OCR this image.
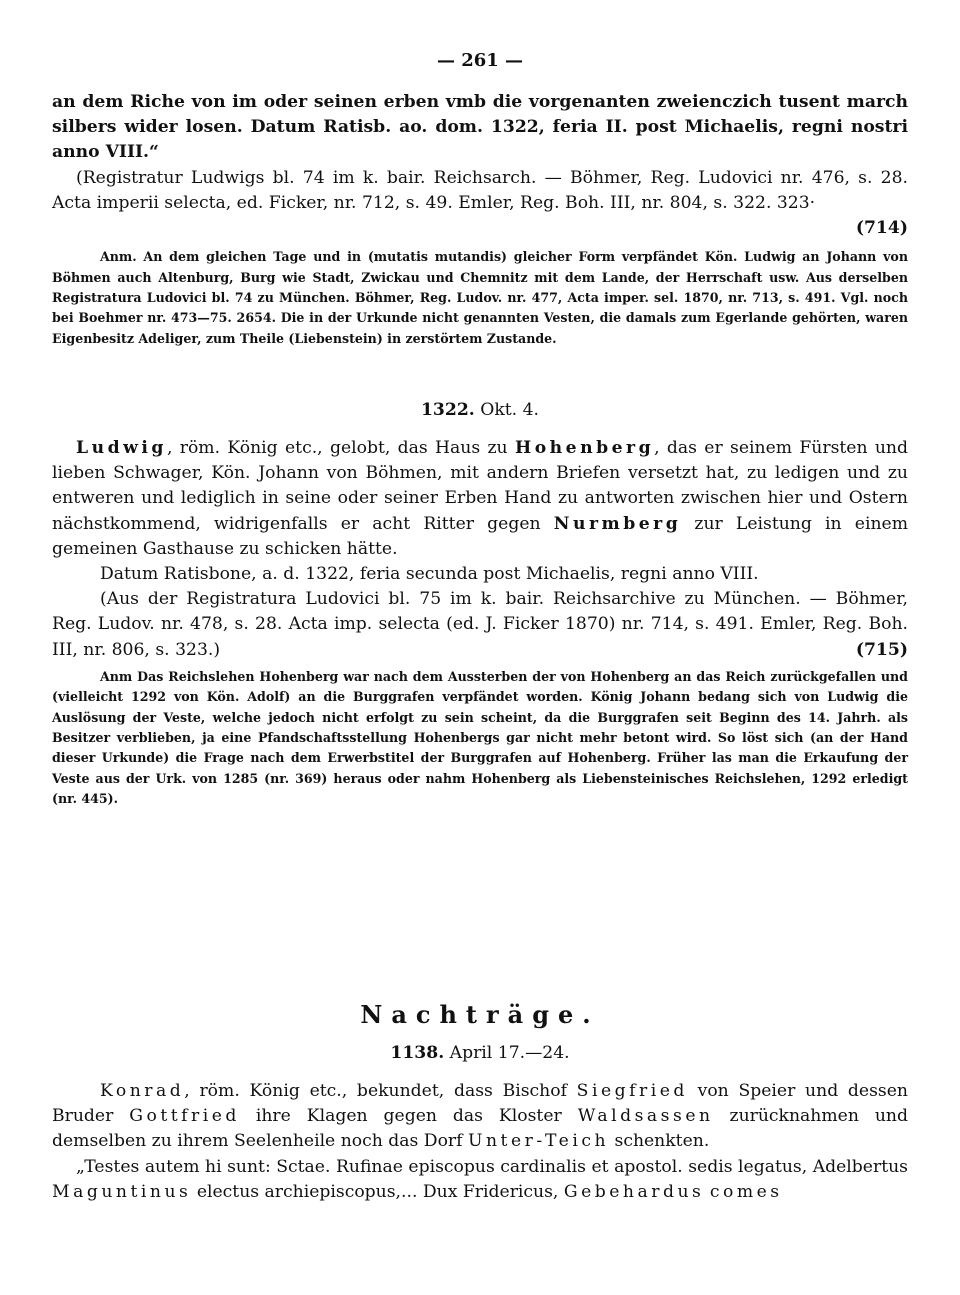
— 261 —

an dem Riche von im oder seinen erben vmb die vorgenanten zweienczich tusent march silbers wider losen. Datum Ratisb. ao. dom. 1322, feria II. post Michaelis, regni nostri anno VIII.“

(Registratur Ludwigs bl. 74 im k. bair. Reichsarch. — Böhmer, Reg. Ludovici nr. 476, s. 28. Acta imperii selecta, ed. Ficker, nr. 712, s. 49. Emler, Reg. Boh. III, nr. 804, s. 322. 323·

(714)

Anm. An dem gleichen Tage und in (mutatis mutandis) gleicher Form verpfändet Kön. Ludwig an Johann von Böhmen auch Altenburg, Burg wie Stadt, Zwickau und Chemnitz mit dem Lande, der Herrschaft usw. Aus derselben Registratura Ludovici bl. 74 zu München. Böhmer, Reg. Ludov. nr. 477, Acta imper. sel. 1870, nr. 713, s. 491. Vgl. noch bei Boehmer nr. 473—75. 2654. Die in der Urkunde nicht genannten Vesten, die damals zum Egerlande gehörten, waren Eigenbesitz Adeliger, zum Theile (Liebenstein) in zerstörtem Zustande.

1322. Okt. 4.

Ludwig, röm. König etc., gelobt, das Haus zu Hohenberg, das er seinem Fürsten und lieben Schwager, Kön. Johann von Böhmen, mit andern Briefen versetzt hat, zu ledigen und zu entweren und lediglich in seine oder seiner Erben Hand zu antworten zwischen hier und Ostern nächstkommend, widrigenfalls er acht Ritter gegen Nurmberg zur Leistung in einem gemeinen Gasthause zu schicken hätte.

Datum Ratisbone, a. d. 1322, feria secunda post Michaelis, regni anno VIII.

(Aus der Registratura Ludovici bl. 75 im k. bair. Reichsarchive zu München. — Böhmer, Reg. Ludov. nr. 478, s. 28. Acta imp. selecta (ed. J. Ficker 1870) nr. 714, s. 491. Emler, Reg. Boh. III, nr. 806, s. 323.)	(715)

Anm Das Reichslehen Hohenberg war nach dem Aussterben der von Hohenberg an das Reich zurückgefallen und (vielleicht 1292 von Kön. Adolf) an die Burggrafen verpfändet worden. König Johann bedang sich von Ludwig die Auslösung der Veste, welche jedoch nicht erfolgt zu sein scheint, da die Burggrafen seit Beginn des 14. Jahrh. als Besitzer verblieben, ja eine Pfandschaftsstellung Hohenbergs gar nicht mehr betont wird. So löst sich (an der Hand dieser Urkunde) die Frage nach dem Erwerbstitel der Burggrafen auf Hohenberg. Früher las man die Erkaufung der Veste aus der Urk. von 1285 (nr. 369) heraus oder nahm Hohenberg als Liebensteinisches Reichslehen, 1292 erledigt (nr. 445).

Nachträge.
1138. April 17.—24.

Konrad, röm. König etc., bekundet, dass Bischof Siegfried von Speier und dessen Bruder Gottfried ihre Klagen gegen das Kloster Waldsassen zurücknahmen und demselben zu ihrem Seelenheile noch das Dorf Unter-Teich schenkten.

„Testes autem hi sunt: Sctae. Rufinae episcopus cardinalis et apostol. sedis legatus, Adelbertus Maguntinus electus archiepiscopus,... Dux Fridericus, Gebehardus comes
